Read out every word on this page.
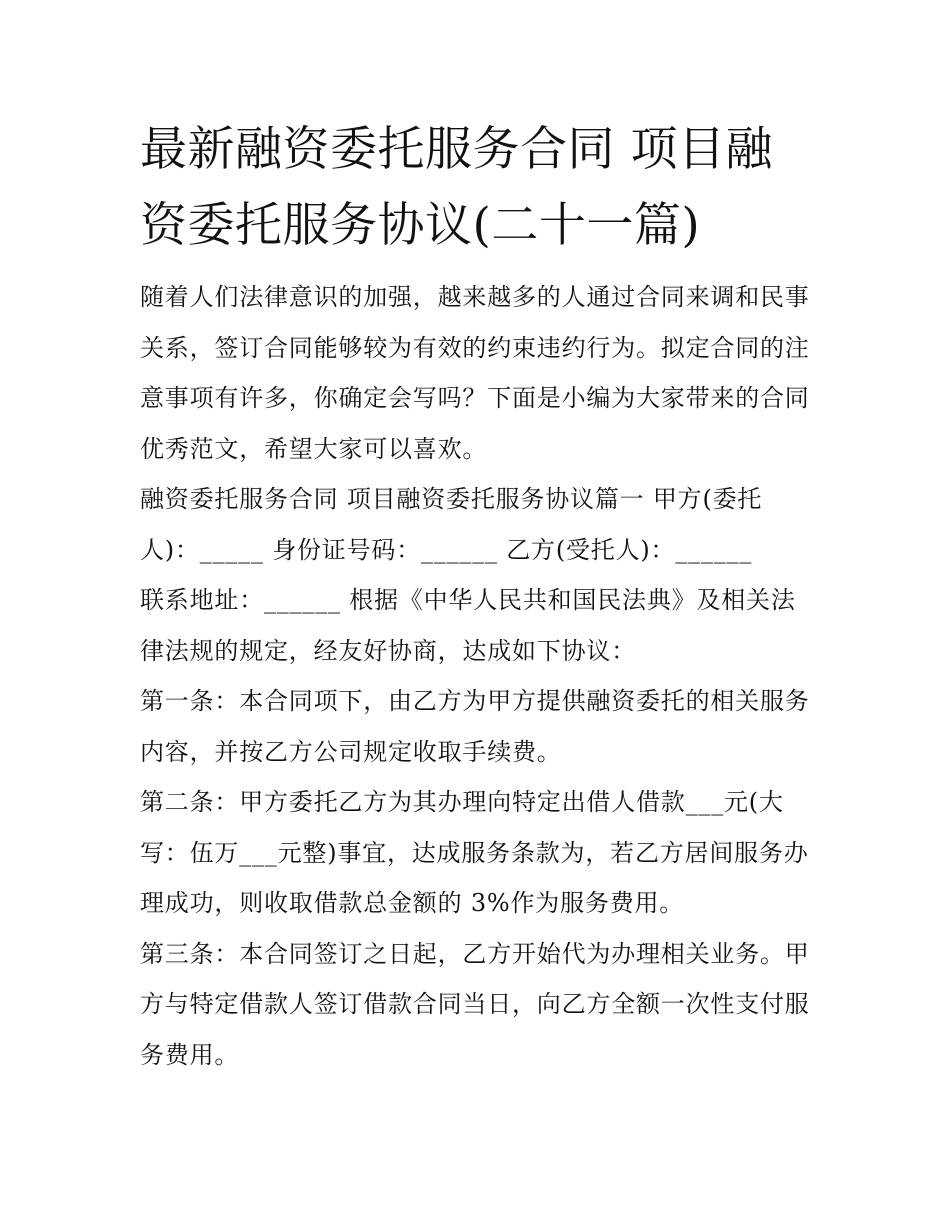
最新融资委托服务合同 项目融
资委托服务协议(二十一篇)

随着人们法律意识的加强，越来越多的人通过合同来调和民事
关系，签订合同能够较为有效的约束违约行为。拟定合同的注
意事项有许多，你确定会写吗？下面是小编为大家带来的合同
优秀范文，希望大家可以喜欢。

融资委托服务合同 项目融资委托服务协议篇一 甲方(委托
人)：_____ 身份证号码：______ 乙方(受托人)：______
联系地址：______ 根据《中华人民共和国民法典》及相关法
律法规的规定，经友好协商，达成如下协议：

第一条：本合同项下，由乙方为甲方提供融资委托的相关服务
内容，并按乙方公司规定收取手续费。

第二条：甲方委托乙方为其办理向特定出借人借款___元(大
写：伍万___元整)事宜，达成服务条款为，若乙方居间服务办
理成功，则收取借款总金额的 3%作为服务费用。

第三条：本合同签订之日起，乙方开始代为办理相关业务。甲
方与特定借款人签订借款合同当日，向乙方全额一次性支付服
务费用。
